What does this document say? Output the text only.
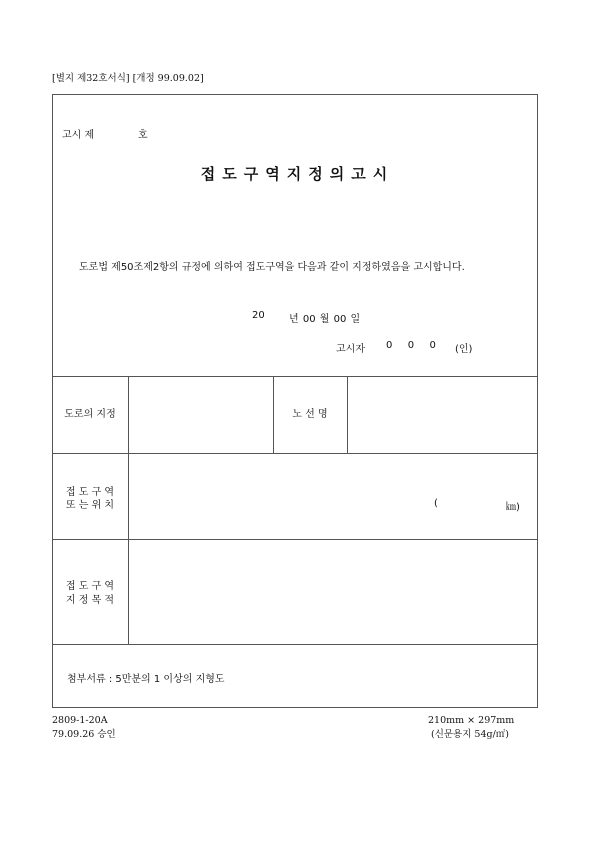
[별지 제32호서식] [개정 99.09.02]
고시 제	호
접도구역지정의고시
도로법 제50조제2항의 규정에 의하여 접도구역을 다음과 같이 지정하였음을 고시합니다.
20 년 00 월 00 일
고시자 0  0  0 (인)
도로의 지정	노 선 명
접 도 구 역
또 는 위 치	(	㎞)
접 도 구 역
지 정 목 적
첨부서류 : 5만분의 1 이상의 지형도
2809-1-20A
79.09.26 승인
210mm × 297mm
(신문용지 54g/㎡)
